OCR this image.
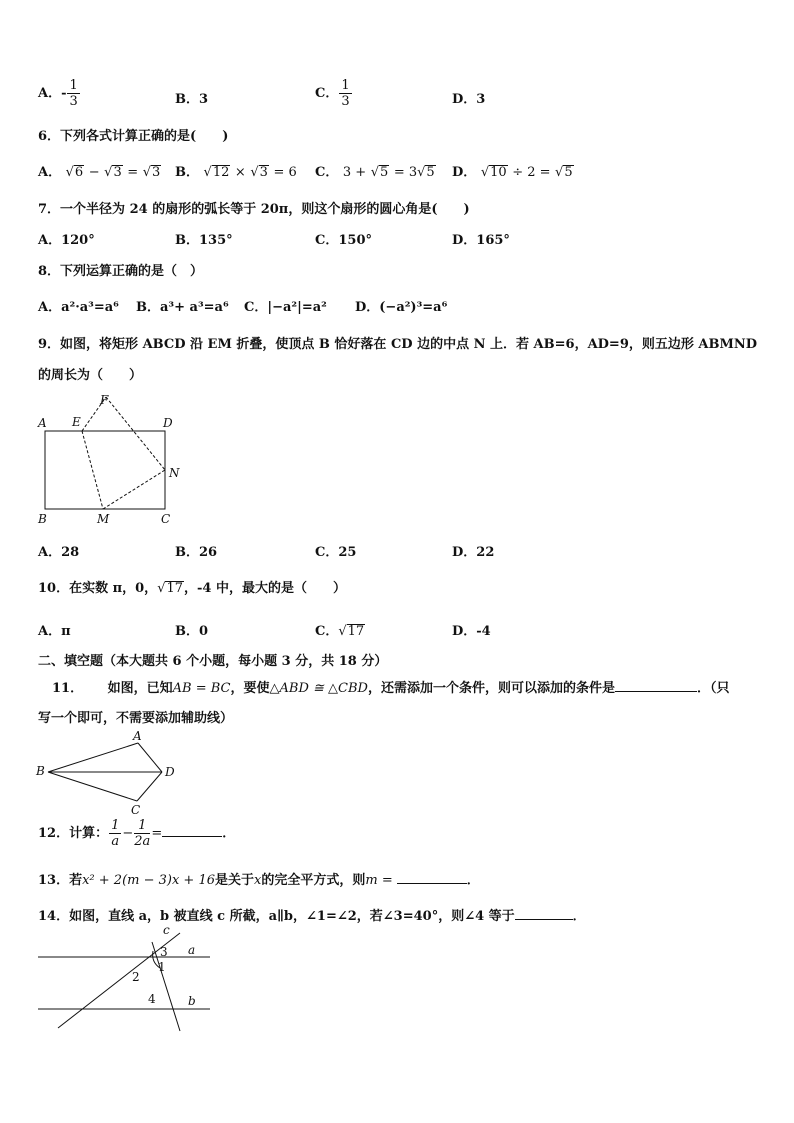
A．- $\frac{1}{3}$	B．3	C． $\frac{1}{3}$	D．3
6．下列各式计算正确的是(　　)
A． √6 − √3 = √3 B． √12 × √3 = 6 C． 3 + √5 = 3√5 D． √10 ÷ 2 = √5
7．一个半径为 24 的扇形的弧长等于 20π，则这个扇形的圆心角是(　　)
A．120°	B．135°	C．150°	D．165°
8．下列运算正确的是（　）
A．a²·a³=a⁶ B．a³+ a³=a⁶ C．|−a²|=a² D．(−a²)³=a⁶
9．如图，将矩形 ABCD 沿 EM 折叠，使顶点 B 恰好落在 CD 边的中点 N 上．若 AB=6，AD=9，则五边形 ABMND
的周长为（　　）
A E
F
D
N
B	M	C
A．28	B．26	C．25	D．22
10．在实数 π，0，√17，-4 中，最大的是（　　）
A．π	B．0	C．√17	D．-4
二、填空题（本大题共 6 个小题，每小题 3 分，共 18 分）
11． 如图，已知AB = BC，要使△ABD ≅ △CBD，还需添加一个条件，则可以添加的条件是	．（只
写一个即可，不需要添加辅助线）
A
B
C
D
12．计算： $\frac{1}{a} - \frac{1}{2a}$ =	．
13．若x² + 2(m − 3)x + 16是关于x的完全平方式，则m =	．
14．如图，直线 a，b 被直线 c 所截，a∥b，∠1=∠2，若∠3=40°，则∠4 等于	．
c
a
b
1
2
3
4
